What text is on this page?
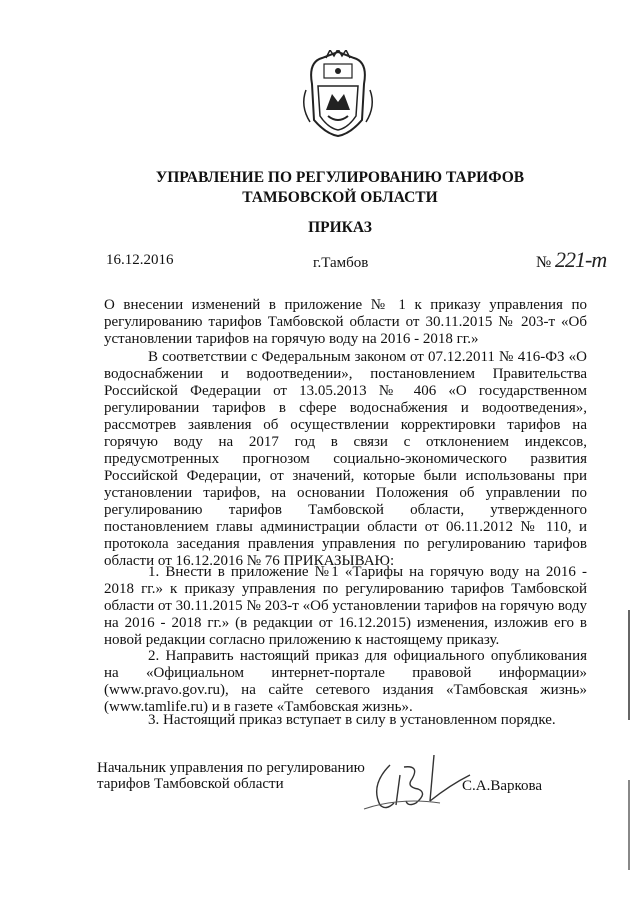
УПРАВЛЕНИЕ ПО РЕГУЛИРОВАНИЮ ТАРИФОВ
ТАМБОВСКОЙ ОБЛАСТИ
ПРИКАЗ
16.12.2016	г.Тамбов	№ 221-т
О внесении изменений в приложение № 1 к приказу управления по регулированию тарифов Тамбовской области от 30.11.2015 № 203-т «Об установлении тарифов на горячую воду на 2016 - 2018 гг.»

В соответствии с Федеральным законом от 07.12.2011 № 416-ФЗ «О водоснабжении и водоотведении», постановлением Правительства Российской Федерации от 13.05.2013 № 406 «О государственном регулировании тарифов в сфере водоснабжения и водоотведения», рассмотрев заявления об осуществлении корректировки тарифов на горячую воду на 2017 год в связи с отклонением индексов, предусмотренных прогнозом социально-экономического развития Российской Федерации, от значений, которые были использованы при установлении тарифов, на основании Положения об управлении по регулированию тарифов Тамбовской области, утвержденного постановлением главы администрации области от 06.11.2012 № 110, и протокола заседания правления управления по регулированию тарифов области от 16.12.2016 № 76 ПРИКАЗЫВАЮ:

1. Внести в приложение №1 «Тарифы на горячую воду на 2016 - 2018 гг.» к приказу управления по регулированию тарифов Тамбовской области от 30.11.2015 № 203-т «Об установлении тарифов на горячую воду на 2016 - 2018 гг.» (в редакции от 16.12.2015) изменения, изложив его в новой редакции согласно приложению к настоящему приказу.

2. Направить настоящий приказ для официального опубликования на «Официальном интернет-портале правовой информации» (www.pravo.gov.ru), на сайте сетевого издания «Тамбовская жизнь» (www.tamlife.ru) и в газете «Тамбовская жизнь».

3. Настоящий приказ вступает в силу в установленном порядке.

Начальник управления по регулированию
тарифов Тамбовской области	С.А.Варкова
